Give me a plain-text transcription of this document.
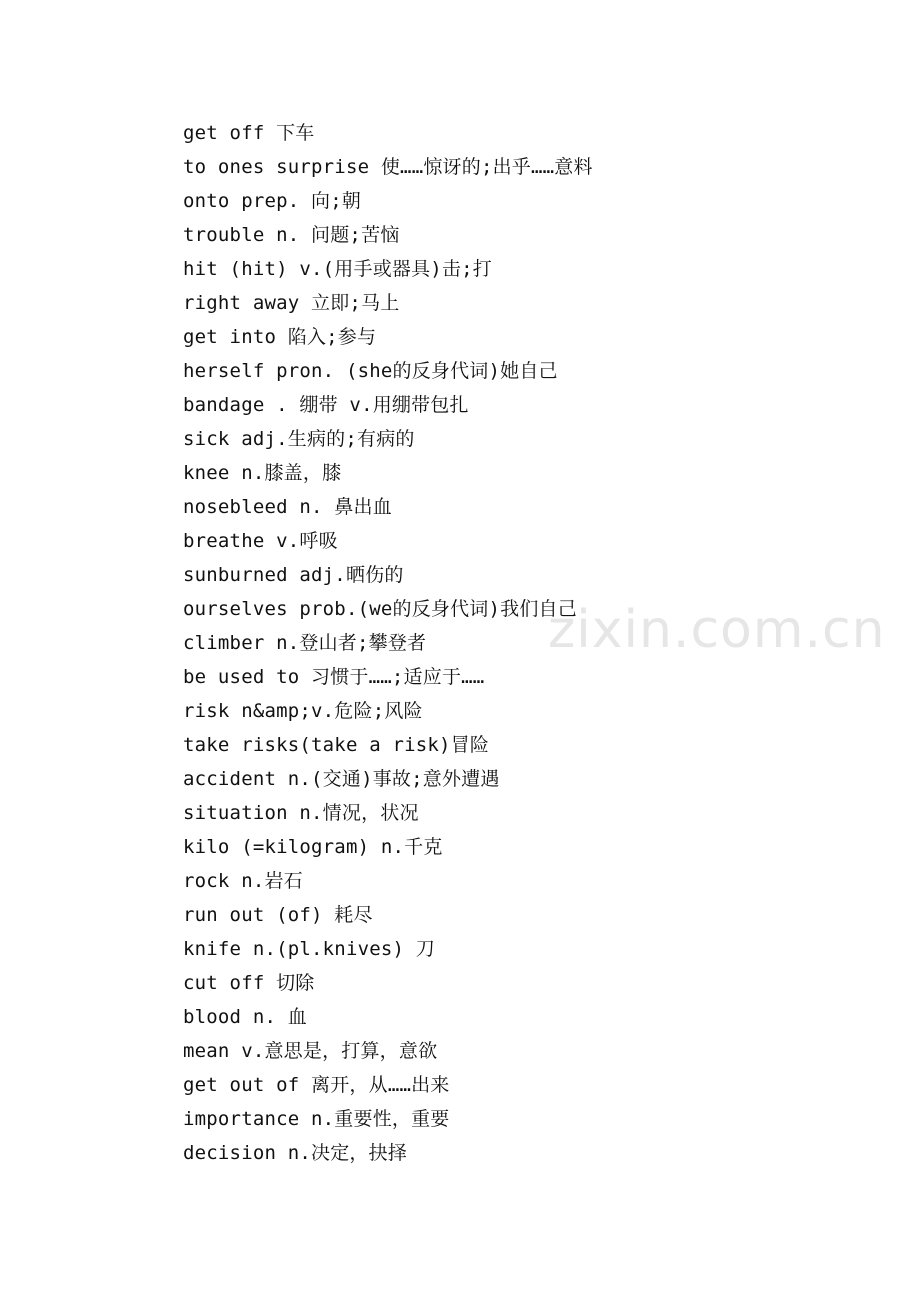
get off 下车
to ones surprise 使……惊讶的;出乎……意料
onto prep. 向;朝
trouble n. 问题;苦恼
hit (hit) v.(用手或器具)击;打
right away 立即;马上
get into 陷入;参与
herself pron. (she的反身代词)她自己
bandage . 绷带 v.用绷带包扎
sick adj.生病的;有病的
knee n.膝盖，膝
nosebleed n. 鼻出血
breathe v.呼吸
sunburned adj.晒伤的
ourselves prob.(we的反身代词)我们自己
climber n.登山者;攀登者
be used to 习惯于……;适应于……
risk n&amp;v.危险;风险
take risks(take a risk)冒险
accident n.(交通)事故;意外遭遇
situation n.情况，状况
kilo (=kilogram) n.千克
rock n.岩石
run out (of) 耗尽
knife n.(pl.knives) 刀
cut off 切除
blood n. 血
mean v.意思是，打算，意欲
get out of 离开，从……出来
importance n.重要性，重要
decision n.决定，抉择
zixin.com.cn
